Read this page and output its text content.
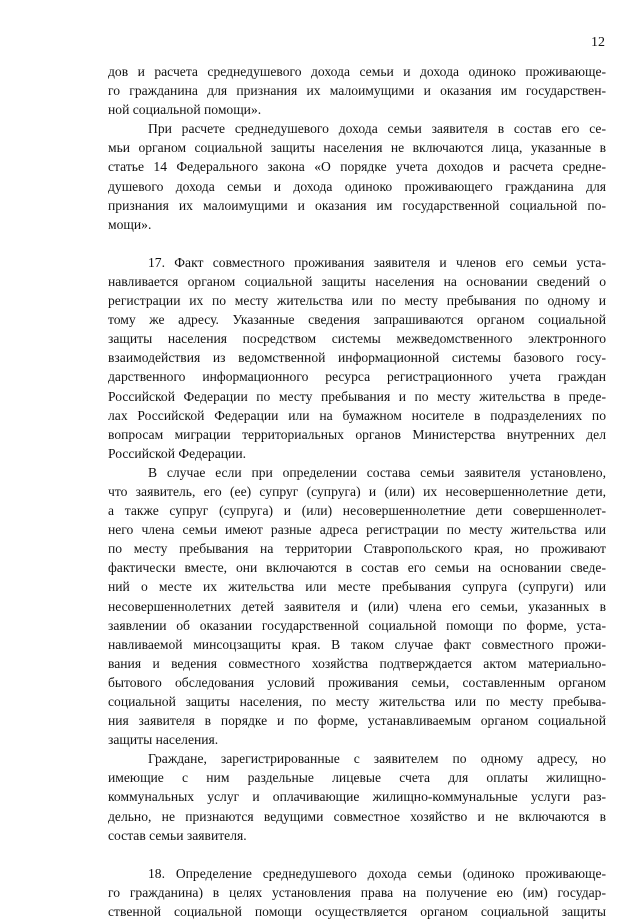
12
дов и расчета среднедушевого дохода семьи и дохода одиноко проживающе-
го гражданина для признания их малоимущими и оказания им государствен-
ной социальной помощи».
При расчете среднедушевого дохода семьи заявителя в состав его се-
мьи органом социальной защиты населения не включаются лица, указанные в
статье 14 Федерального закона «О порядке учета доходов и расчета средне-
душевого дохода семьи и дохода одиноко проживающего гражданина для
признания их малоимущими и оказания им государственной социальной по-
мощи».
17. Факт совместного проживания заявителя и членов его семьи уста-
навливается органом социальной защиты населения на основании сведений о
регистрации их по месту жительства или по месту пребывания по одному и
тому же адресу. Указанные сведения запрашиваются органом социальной
защиты населения посредством системы межведомственного электронного
взаимодействия из ведомственной информационной системы базового госу-
дарственного информационного ресурса регистрационного учета граждан
Российской Федерации по месту пребывания и по месту жительства в преде-
лах Российской Федерации или на бумажном носителе в подразделениях по
вопросам миграции территориальных органов Министерства внутренних дел
Российской Федерации.
В случае если при определении состава семьи заявителя установлено,
что заявитель, его (ее) супруг (супруга) и (или) их несовершеннолетние дети,
а также супруг (супруга) и (или) несовершеннолетние дети совершеннолет-
него члена семьи имеют разные адреса регистрации по месту жительства или
по месту пребывания на территории Ставропольского края, но проживают
фактически вместе, они включаются в состав его семьи на основании сведе-
ний о месте их жительства или месте пребывания супруга (супруги) или
несовершеннолетних детей заявителя и (или) члена его семьи, указанных в
заявлении об оказании государственной социальной помощи по форме, уста-
навливаемой минсоцзащиты края. В таком случае факт совместного прожи-
вания и ведения совместного хозяйства подтверждается актом материально-
бытового обследования условий проживания семьи, составленным органом
социальной защиты населения, по месту жительства или по месту пребыва-
ния заявителя в порядке и по форме, устанавливаемым органом социальной
защиты населения.
Граждане, зарегистрированные с заявителем по одному адресу, но
имеющие с ним раздельные лицевые счета для оплаты жилищно-
коммунальных услуг и оплачивающие жилищно-коммунальные услуги раз-
дельно, не признаются ведущими совместное хозяйство и не включаются в
состав семьи заявителя.
18. Определение среднедушевого дохода семьи (одиноко проживающе-
го гражданина) в целях установления права на получение ею (им) государ-
ственной социальной помощи осуществляется органом социальной защиты
